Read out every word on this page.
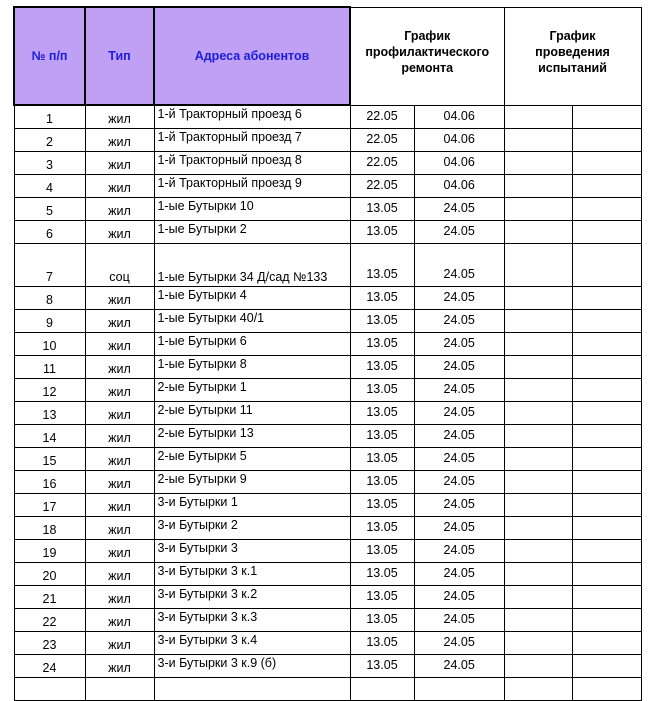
№ п/п	Тип	Адреса абонентов	График
профилактического
ремонта		График
проведения
испытаний	

1	жил	1-й Тракторный проезд 6	22.05	04.06		
2	жил	1-й Тракторный проезд 7	22.05	04.06		
3	жил	1-й Тракторный проезд 8	22.05	04.06		
4	жил	1-й Тракторный проезд 9	22.05	04.06		
5	жил	1-ые Бутырки 10	13.05	24.05		
6	жил	1-ые Бутырки 2	13.05	24.05		
7	соц	1-ые Бутырки 34 Д/сад №133	13.05	24.05		
8	жил	1-ые Бутырки 4	13.05	24.05		
9	жил	1-ые Бутырки 40/1	13.05	24.05		
10	жил	1-ые Бутырки 6	13.05	24.05		
11	жил	1-ые Бутырки 8	13.05	24.05		
12	жил	2-ые Бутырки 1	13.05	24.05		
13	жил	2-ые Бутырки 11	13.05	24.05		
14	жил	2-ые Бутырки 13	13.05	24.05		
15	жил	2-ые Бутырки 5	13.05	24.05		
16	жил	2-ые Бутырки 9	13.05	24.05		
17	жил	3-и Бутырки 1	13.05	24.05		
18	жил	3-и Бутырки 2	13.05	24.05		
19	жил	3-и Бутырки 3	13.05	24.05		
20	жил	3-и Бутырки 3 к.1	13.05	24.05		
21	жил	3-и Бутырки 3 к.2	13.05	24.05		
22	жил	3-и Бутырки 3 к.3	13.05	24.05		
23	жил	3-и Бутырки 3 к.4	13.05	24.05		
24	жил	3-и Бутырки 3 к.9 (б)	13.05	24.05		
